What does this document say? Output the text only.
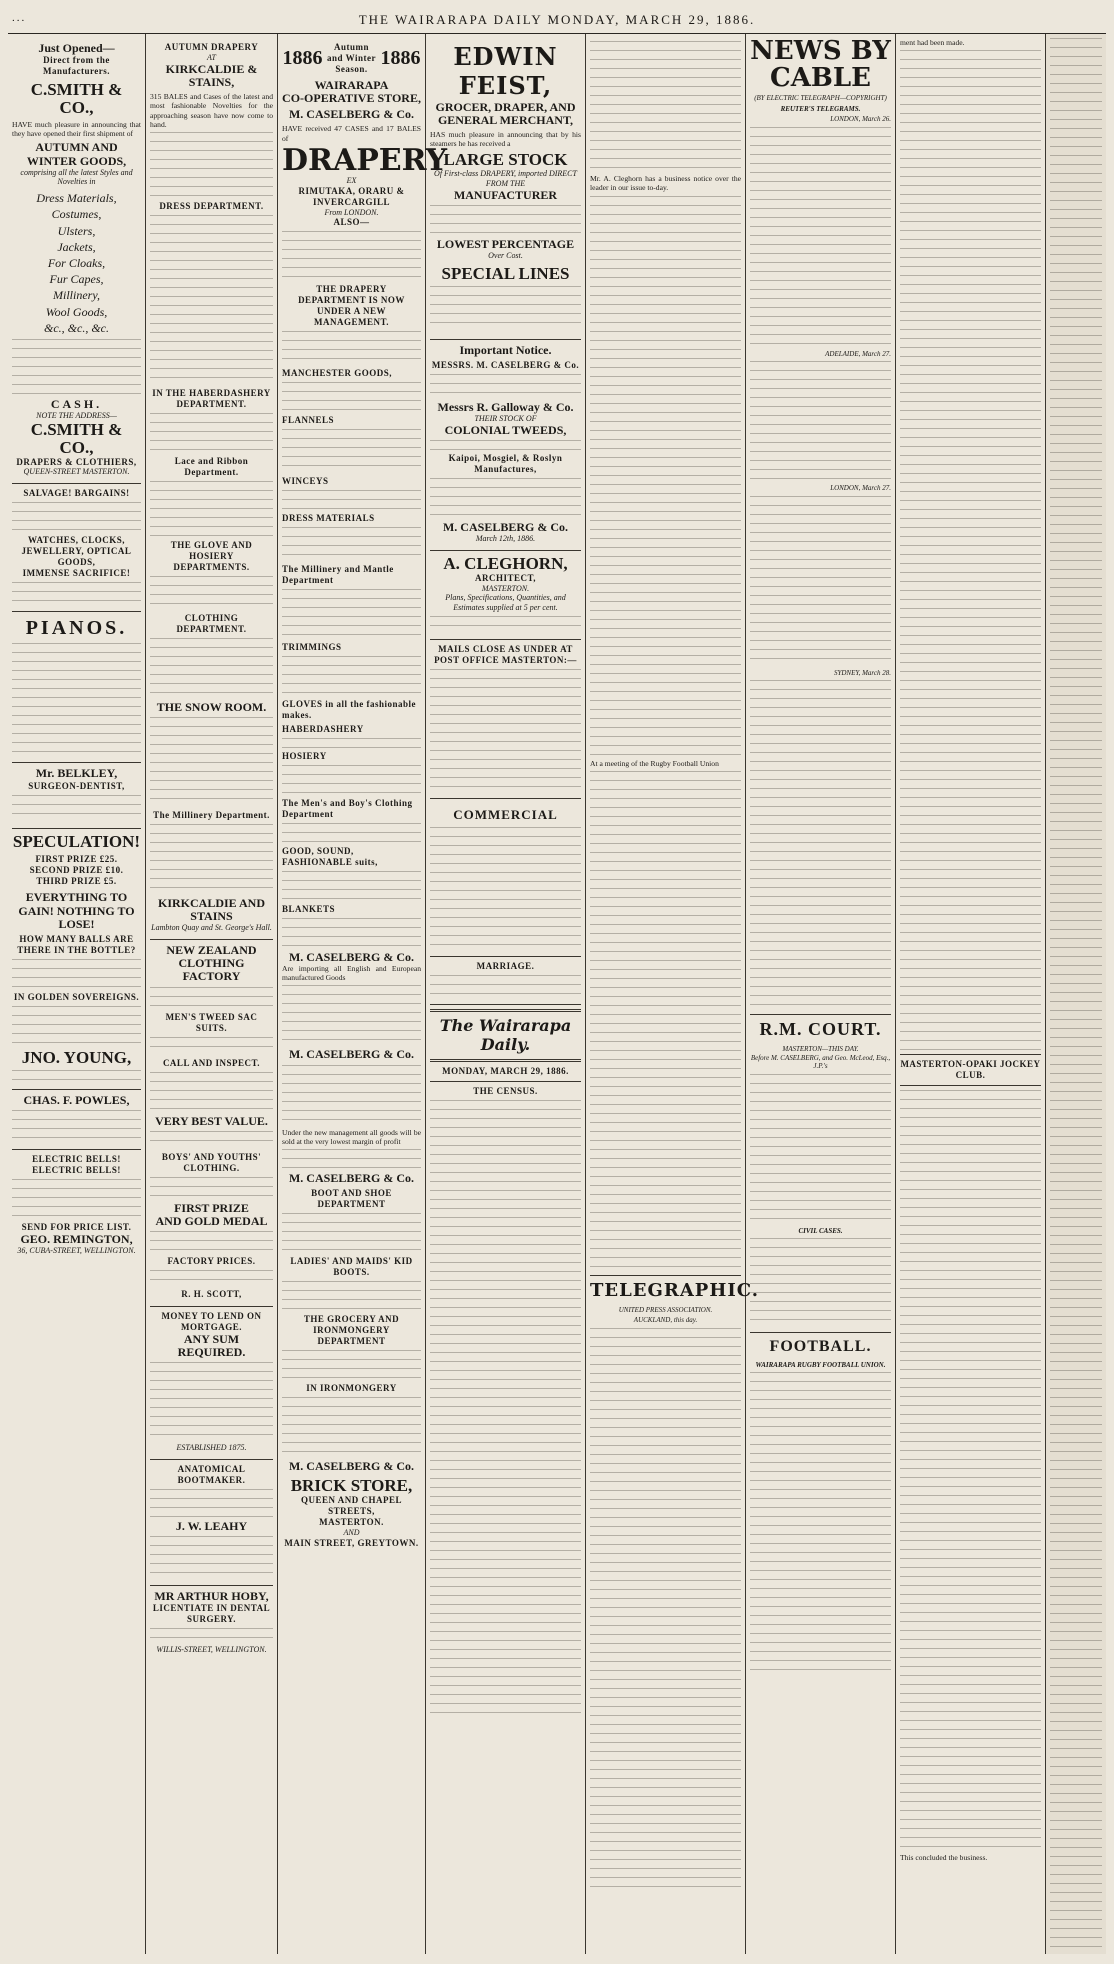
...	THE WAIRARAPA DAILY MONDAY, MARCH 29, 1886.
Just Opened—
Direct from the Manufacturers.
C.SMITH & CO.,
HAVE much pleasure in announcing that they have opened their first shipment of
AUTUMN AND WINTER GOODS,
comprising all the latest Styles and Novelties in
Dress Materials,
Costumes,
Ulsters,
Jackets,
For Cloaks,
Fur Capes,
Millinery,
Wool Goods,
&c., &c., &c.
CASH.
NOTE THE ADDRESS—
C.SMITH & CO.,
DRAPERS & CLOTHIERS,
QUEEN-STREET MASTERTON.
SALVAGE! BARGAINS!
WATCHES, CLOCKS, JEWELLERY, OPTICAL GOODS,
IMMENSE SACRIFICE!
PIANOS.
Mr. BELKLEY,
SURGEON-DENTIST,
SPECULATION!
FIRST PRIZE £25.
SECOND PRIZE £10.
THIRD PRIZE £5.
EVERYTHING TO GAIN! NOTHING TO LOSE!
HOW MANY BALLS ARE THERE IN THE BOTTLE?
IN GOLDEN SOVEREIGNS.
JNO. YOUNG,
CHAS. F. POWLES,
ELECTRIC BELLS! ELECTRIC BELLS!
SEND FOR PRICE LIST.
GEO. REMINGTON,
36, CUBA-STREET, WELLINGTON.
AUTUMN DRAPERY
AT
KIRKCALDIE & STAINS,
315 BALES and Cases of the latest and most fashionable Novelties for the approaching season have now come to hand.
DRESS DEPARTMENT.
IN THE HABERDASHERY DEPARTMENT.
Lace and Ribbon Department.
THE GLOVE AND HOSIERY DEPARTMENTS.
CLOTHING DEPARTMENT.
THE SNOW ROOM.
The Millinery Department.
KIRKCALDIE AND STAINS
Lambton Quay and St. George's Hall.
NEW ZEALAND CLOTHING FACTORY
MEN'S TWEED SAC SUITS.
CALL AND INSPECT.
VERY BEST VALUE.
BOYS' AND YOUTHS' CLOTHING.
FIRST PRIZE
AND GOLD MEDAL
FACTORY PRICES.
R. H. SCOTT,
MONEY TO LEND ON MORTGAGE.
ANY SUM REQUIRED.
ESTABLISHED 1875.
ANATOMICAL BOOTMAKER.
J. W. LEAHY
MR ARTHUR HOBY,
LICENTIATE IN DENTAL SURGERY.
WILLIS-STREET, WELLINGTON.
1886	Autumn and Winter Season. 1886
WAIRARAPA
CO-OPERATIVE STORE,
M. CASELBERG & Co.
HAVE received 47 CASES and 17 BALES of
DRAPERY
EX
RIMUTAKA, ORARU & INVERCARGILL
From LONDON.
ALSO—
THE DRAPERY DEPARTMENT IS NOW UNDER A NEW MANAGEMENT.
MANCHESTER GOODS,
FLANNELS
WINCEYS
DRESS MATERIALS
The Millinery and Mantle Department
TRIMMINGS
GLOVES in all the fashionable makes.
HABERDASHERY
HOSIERY
The Men's and Boy's Clothing Department
GOOD, SOUND, FASHIONABLE suits,
BLANKETS
M. CASELBERG & Co.
Are importing all English and European manufactured Goods
M. CASELBERG & Co.
Under the new management all goods will be sold at the very lowest margin of profit
M. CASELBERG & Co.
BOOT AND SHOE DEPARTMENT
LADIES' AND MAIDS' KID BOOTS.
THE GROCERY AND IRONMONGERY DEPARTMENT
IN IRONMONGERY
M. CASELBERG & Co.
BRICK STORE,
QUEEN AND CHAPEL STREETS,
MASTERTON.
AND
MAIN STREET, GREYTOWN.
EDWIN FEIST,
GROCER, DRAPER, AND GENERAL MERCHANT,
HAS much pleasure in announcing that by his steamers he has received a
LARGE STOCK
Of First-class DRAPERY, imported DIRECT FROM THE
MANUFACTURER
LOWEST PERCENTAGE
Over Cost.
SPECIAL LINES
Important Notice.
MESSRS. M. CASELBERG & Co.
Messrs R. Galloway & Co.
THEIR STOCK OF
COLONIAL TWEEDS,
Kaipoi, Mosgiel, & Roslyn Manufactures,
M. CASELBERG & Co.
March 12th, 1886.
A. CLEGHORN,
ARCHITECT,
MASTERTON.
Plans, Specifications, Quantities, and Estimates supplied at 5 per cent.
MAILS CLOSE AS UNDER AT POST OFFICE MASTERTON:—
COMMERCIAL
MARRIAGE.
The Wairarapa Daily.
MONDAY, MARCH 29, 1886.
THE CENSUS.
Mr. A. Cleghorn has a business notice over the leader in our issue to-day.
At a meeting of the Rugby Football Union
TELEGRAPHIC.
UNITED PRESS ASSOCIATION.
AUCKLAND, this day.
NEWS BY CABLE
(BY ELECTRIC TELEGRAPH—COPYRIGHT)
REUTER'S TELEGRAMS.
LONDON, March 26.
ADELAIDE, March 27.
LONDON, March 27.
SYDNEY, March 28.
R.M. COURT.
MASTERTON—THIS DAY.
Before M. CASELBERG, and Geo. McLeod, Esq., J.P.'s
CIVIL CASES.
FOOTBALL.
WAIRARAPA RUGBY FOOTBALL UNION.
ment had been made.
MASTERTON-OPAKI JOCKEY CLUB.
This concluded the business.
